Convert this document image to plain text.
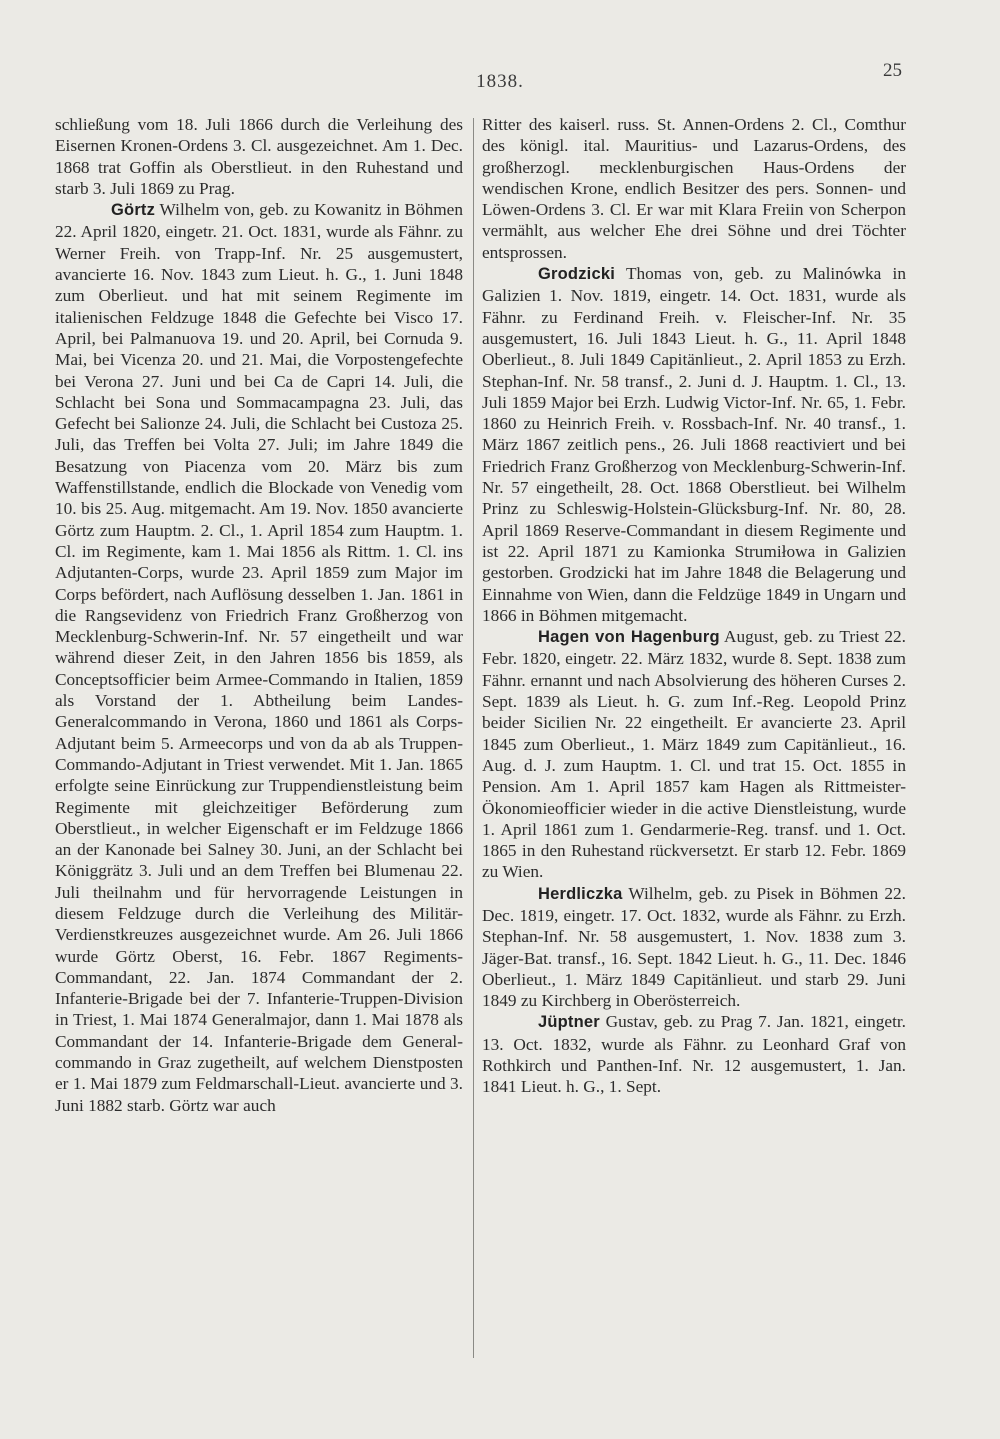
1838.
25

schließung vom 18. Juli 1866 durch die Verleihung des Eisernen Kronen-Ordens 3. Cl. ausgezeichnet. Am 1. Dec. 1868 trat Goffin als Oberstlieut. in den Ruhestand und starb 3. Juli 1869 zu Prag.

Görtz Wilhelm von, geb. zu Kowanitz in Böhmen 22. April 1820, eingetr. 21. Oct. 1831, wurde als Fähnr. zu Werner Freih. von Trapp-Inf. Nr. 25 ausgemustert, avancierte 16. Nov. 1843 zum Lieut. h. G., 1. Juni 1848 zum Oberlieut. und hat mit seinem Regimente im italienischen Feldzuge 1848 die Gefechte bei Visco 17. April, bei Palmanuova 19. und 20. April, bei Cornuda 9. Mai, bei Vicenza 20. und 21. Mai, die Vorpostengefechte bei Verona 27. Juni und bei Ca de Capri 14. Juli, die Schlacht bei Sona und Sommacampagna 23. Juli, das Gefecht bei Salionze 24. Juli, die Schlacht bei Custoza 25. Juli, das Treffen bei Volta 27. Juli; im Jahre 1849 die Besatzung von Piacenza vom 20. März bis zum Waffenstillstande, endlich die Blockade von Venedig vom 10. bis 25. Aug. mitgemacht. Am 19. Nov. 1850 avancierte Görtz zum Hauptm. 2. Cl., 1. April 1854 zum Hauptm. 1. Cl. im Regimente, kam 1. Mai 1856 als Rittm. 1. Cl. ins Adjutanten-Corps, wurde 23. April 1859 zum Major im Corps befördert, nach Auflösung desselben 1. Jan. 1861 in die Rangsevidenz von Friedrich Franz Großherzog von Mecklenburg-Schwerin-Inf. Nr. 57 eingetheilt und war während dieser Zeit, in den Jahren 1856 bis 1859, als Conceptsofficier beim Armee-Commando in Italien, 1859 als Vorstand der 1. Abtheilung beim Landes-Generalcommando in Verona, 1860 und 1861 als Corps-Adjutant beim 5. Armeecorps und von da ab als Truppen-Commando-Adjutant in Triest verwendet. Mit 1. Jan. 1865 erfolgte seine Einrückung zur Truppendienstleistung beim Regimente mit gleichzeitiger Beförderung zum Oberstlieut., in welcher Eigenschaft er im Feldzuge 1866 an der Kanonade bei Salney 30. Juni, an der Schlacht bei Königgrätz 3. Juli und an dem Treffen bei Blumenau 22. Juli theilnahm und für hervorragende Leistungen in diesem Feldzuge durch die Verleihung des Militär-Verdienstkreuzes ausgezeichnet wurde. Am 26. Juli 1866 wurde Görtz Oberst, 16. Febr. 1867 Regiments-Commandant, 22. Jan. 1874 Commandant der 2. Infanterie-Brigade bei der 7. Infanterie-Truppen-Division in Triest, 1. Mai 1874 Generalmajor, dann 1. Mai 1878 als Commandant der 14. Infanterie-Brigade dem General-commando in Graz zugetheilt, auf welchem Dienstposten er 1. Mai 1879 zum Feldmarschall-Lieut. avancierte und 3. Juni 1882 starb. Görtz war auch

Ritter des kaiserl. russ. St. Annen-Ordens 2. Cl., Comthur des königl. ital. Mauritius- und Lazarus-Ordens, des großherzogl. mecklenburgischen Haus-Ordens der wendischen Krone, endlich Besitzer des pers. Sonnen- und Löwen-Ordens 3. Cl. Er war mit Klara Freiin von Scherpon vermählt, aus welcher Ehe drei Söhne und drei Töchter entsprossen.

Grodzicki Thomas von, geb. zu Malinówka in Galizien 1. Nov. 1819, eingetr. 14. Oct. 1831, wurde als Fähnr. zu Ferdinand Freih. v. Fleischer-Inf. Nr. 35 ausgemustert, 16. Juli 1843 Lieut. h. G., 11. April 1848 Oberlieut., 8. Juli 1849 Capitänlieut., 2. April 1853 zu Erzh. Stephan-Inf. Nr. 58 transf., 2. Juni d. J. Hauptm. 1. Cl., 13. Juli 1859 Major bei Erzh. Ludwig Victor-Inf. Nr. 65, 1. Febr. 1860 zu Heinrich Freih. v. Rossbach-Inf. Nr. 40 transf., 1. März 1867 zeitlich pens., 26. Juli 1868 reactiviert und bei Friedrich Franz Großherzog von Mecklenburg-Schwerin-Inf. Nr. 57 eingetheilt, 28. Oct. 1868 Oberstlieut. bei Wilhelm Prinz zu Schleswig-Holstein-Glücksburg-Inf. Nr. 80, 28. April 1869 Reserve-Commandant in diesem Regimente und ist 22. April 1871 zu Kamionka Strumiłowa in Galizien gestorben. Grodzicki hat im Jahre 1848 die Belagerung und Einnahme von Wien, dann die Feldzüge 1849 in Ungarn und 1866 in Böhmen mitgemacht.

Hagen von Hagenburg August, geb. zu Triest 22. Febr. 1820, eingetr. 22. März 1832, wurde 8. Sept. 1838 zum Fähnr. ernannt und nach Absolvierung des höheren Curses 2. Sept. 1839 als Lieut. h. G. zum Inf.-Reg. Leopold Prinz beider Sicilien Nr. 22 eingetheilt. Er avancierte 23. April 1845 zum Oberlieut., 1. März 1849 zum Capitänlieut., 16. Aug. d. J. zum Hauptm. 1. Cl. und trat 15. Oct. 1855 in Pension. Am 1. April 1857 kam Hagen als Rittmeister-Ökonomieofficier wieder in die active Dienstleistung, wurde 1. April 1861 zum 1. Gendarmerie-Reg. transf. und 1. Oct. 1865 in den Ruhestand rückversetzt. Er starb 12. Febr. 1869 zu Wien.

Herdliczka Wilhelm, geb. zu Pisek in Böhmen 22. Dec. 1819, eingetr. 17. Oct. 1832, wurde als Fähnr. zu Erzh. Stephan-Inf. Nr. 58 ausgemustert, 1. Nov. 1838 zum 3. Jäger-Bat. transf., 16. Sept. 1842 Lieut. h. G., 11. Dec. 1846 Oberlieut., 1. März 1849 Capitänlieut. und starb 29. Juni 1849 zu Kirchberg in Oberösterreich.

Jüptner Gustav, geb. zu Prag 7. Jan. 1821, eingetr. 13. Oct. 1832, wurde als Fähnr. zu Leonhard Graf von Rothkirch und Panthen-Inf. Nr. 12 ausgemustert, 1. Jan. 1841 Lieut. h. G., 1. Sept.
